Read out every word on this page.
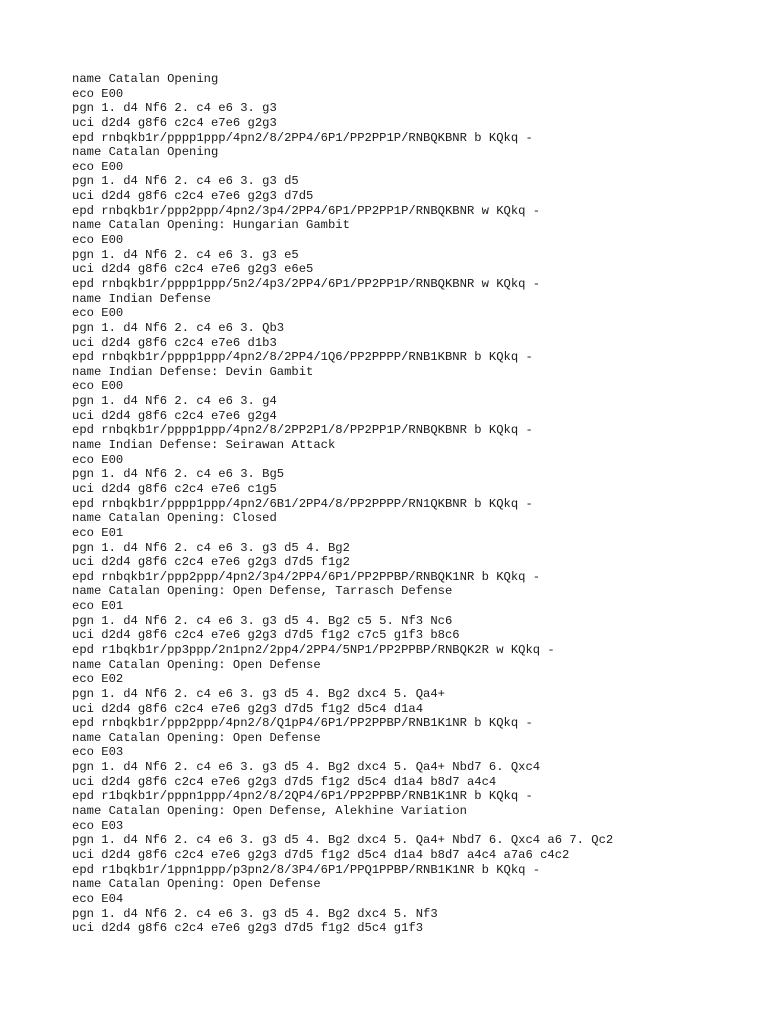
name Catalan Opening
eco E00
pgn 1. d4 Nf6 2. c4 e6 3. g3
uci d2d4 g8f6 c2c4 e7e6 g2g3
epd rnbqkb1r/pppp1ppp/4pn2/8/2PP4/6P1/PP2PP1P/RNBQKBNR b KQkq -
name Catalan Opening
eco E00
pgn 1. d4 Nf6 2. c4 e6 3. g3 d5
uci d2d4 g8f6 c2c4 e7e6 g2g3 d7d5
epd rnbqkb1r/ppp2ppp/4pn2/3p4/2PP4/6P1/PP2PP1P/RNBQKBNR w KQkq -
name Catalan Opening: Hungarian Gambit
eco E00
pgn 1. d4 Nf6 2. c4 e6 3. g3 e5
uci d2d4 g8f6 c2c4 e7e6 g2g3 e6e5
epd rnbqkb1r/pppp1ppp/5n2/4p3/2PP4/6P1/PP2PP1P/RNBQKBNR w KQkq -
name Indian Defense
eco E00
pgn 1. d4 Nf6 2. c4 e6 3. Qb3
uci d2d4 g8f6 c2c4 e7e6 d1b3
epd rnbqkb1r/pppp1ppp/4pn2/8/2PP4/1Q6/PP2PPPP/RNB1KBNR b KQkq -
name Indian Defense: Devin Gambit
eco E00
pgn 1. d4 Nf6 2. c4 e6 3. g4
uci d2d4 g8f6 c2c4 e7e6 g2g4
epd rnbqkb1r/pppp1ppp/4pn2/8/2PP2P1/8/PP2PP1P/RNBQKBNR b KQkq -
name Indian Defense: Seirawan Attack
eco E00
pgn 1. d4 Nf6 2. c4 e6 3. Bg5
uci d2d4 g8f6 c2c4 e7e6 c1g5
epd rnbqkb1r/pppp1ppp/4pn2/6B1/2PP4/8/PP2PPPP/RN1QKBNR b KQkq -
name Catalan Opening: Closed
eco E01
pgn 1. d4 Nf6 2. c4 e6 3. g3 d5 4. Bg2
uci d2d4 g8f6 c2c4 e7e6 g2g3 d7d5 f1g2
epd rnbqkb1r/ppp2ppp/4pn2/3p4/2PP4/6P1/PP2PPBP/RNBQK1NR b KQkq -
name Catalan Opening: Open Defense, Tarrasch Defense
eco E01
pgn 1. d4 Nf6 2. c4 e6 3. g3 d5 4. Bg2 c5 5. Nf3 Nc6
uci d2d4 g8f6 c2c4 e7e6 g2g3 d7d5 f1g2 c7c5 g1f3 b8c6
epd r1bqkb1r/pp3ppp/2n1pn2/2pp4/2PP4/5NP1/PP2PPBP/RNBQK2R w KQkq -
name Catalan Opening: Open Defense
eco E02
pgn 1. d4 Nf6 2. c4 e6 3. g3 d5 4. Bg2 dxc4 5. Qa4+
uci d2d4 g8f6 c2c4 e7e6 g2g3 d7d5 f1g2 d5c4 d1a4
epd rnbqkb1r/ppp2ppp/4pn2/8/Q1pP4/6P1/PP2PPBP/RNB1K1NR b KQkq -
name Catalan Opening: Open Defense
eco E03
pgn 1. d4 Nf6 2. c4 e6 3. g3 d5 4. Bg2 dxc4 5. Qa4+ Nbd7 6. Qxc4
uci d2d4 g8f6 c2c4 e7e6 g2g3 d7d5 f1g2 d5c4 d1a4 b8d7 a4c4
epd r1bqkb1r/pppn1ppp/4pn2/8/2QP4/6P1/PP2PPBP/RNB1K1NR b KQkq -
name Catalan Opening: Open Defense, Alekhine Variation
eco E03
pgn 1. d4 Nf6 2. c4 e6 3. g3 d5 4. Bg2 dxc4 5. Qa4+ Nbd7 6. Qxc4 a6 7. Qc2
uci d2d4 g8f6 c2c4 e7e6 g2g3 d7d5 f1g2 d5c4 d1a4 b8d7 a4c4 a7a6 c4c2
epd r1bqkb1r/1ppn1ppp/p3pn2/8/3P4/6P1/PPQ1PPBP/RNB1K1NR b KQkq -
name Catalan Opening: Open Defense
eco E04
pgn 1. d4 Nf6 2. c4 e6 3. g3 d5 4. Bg2 dxc4 5. Nf3
uci d2d4 g8f6 c2c4 e7e6 g2g3 d7d5 f1g2 d5c4 g1f3
